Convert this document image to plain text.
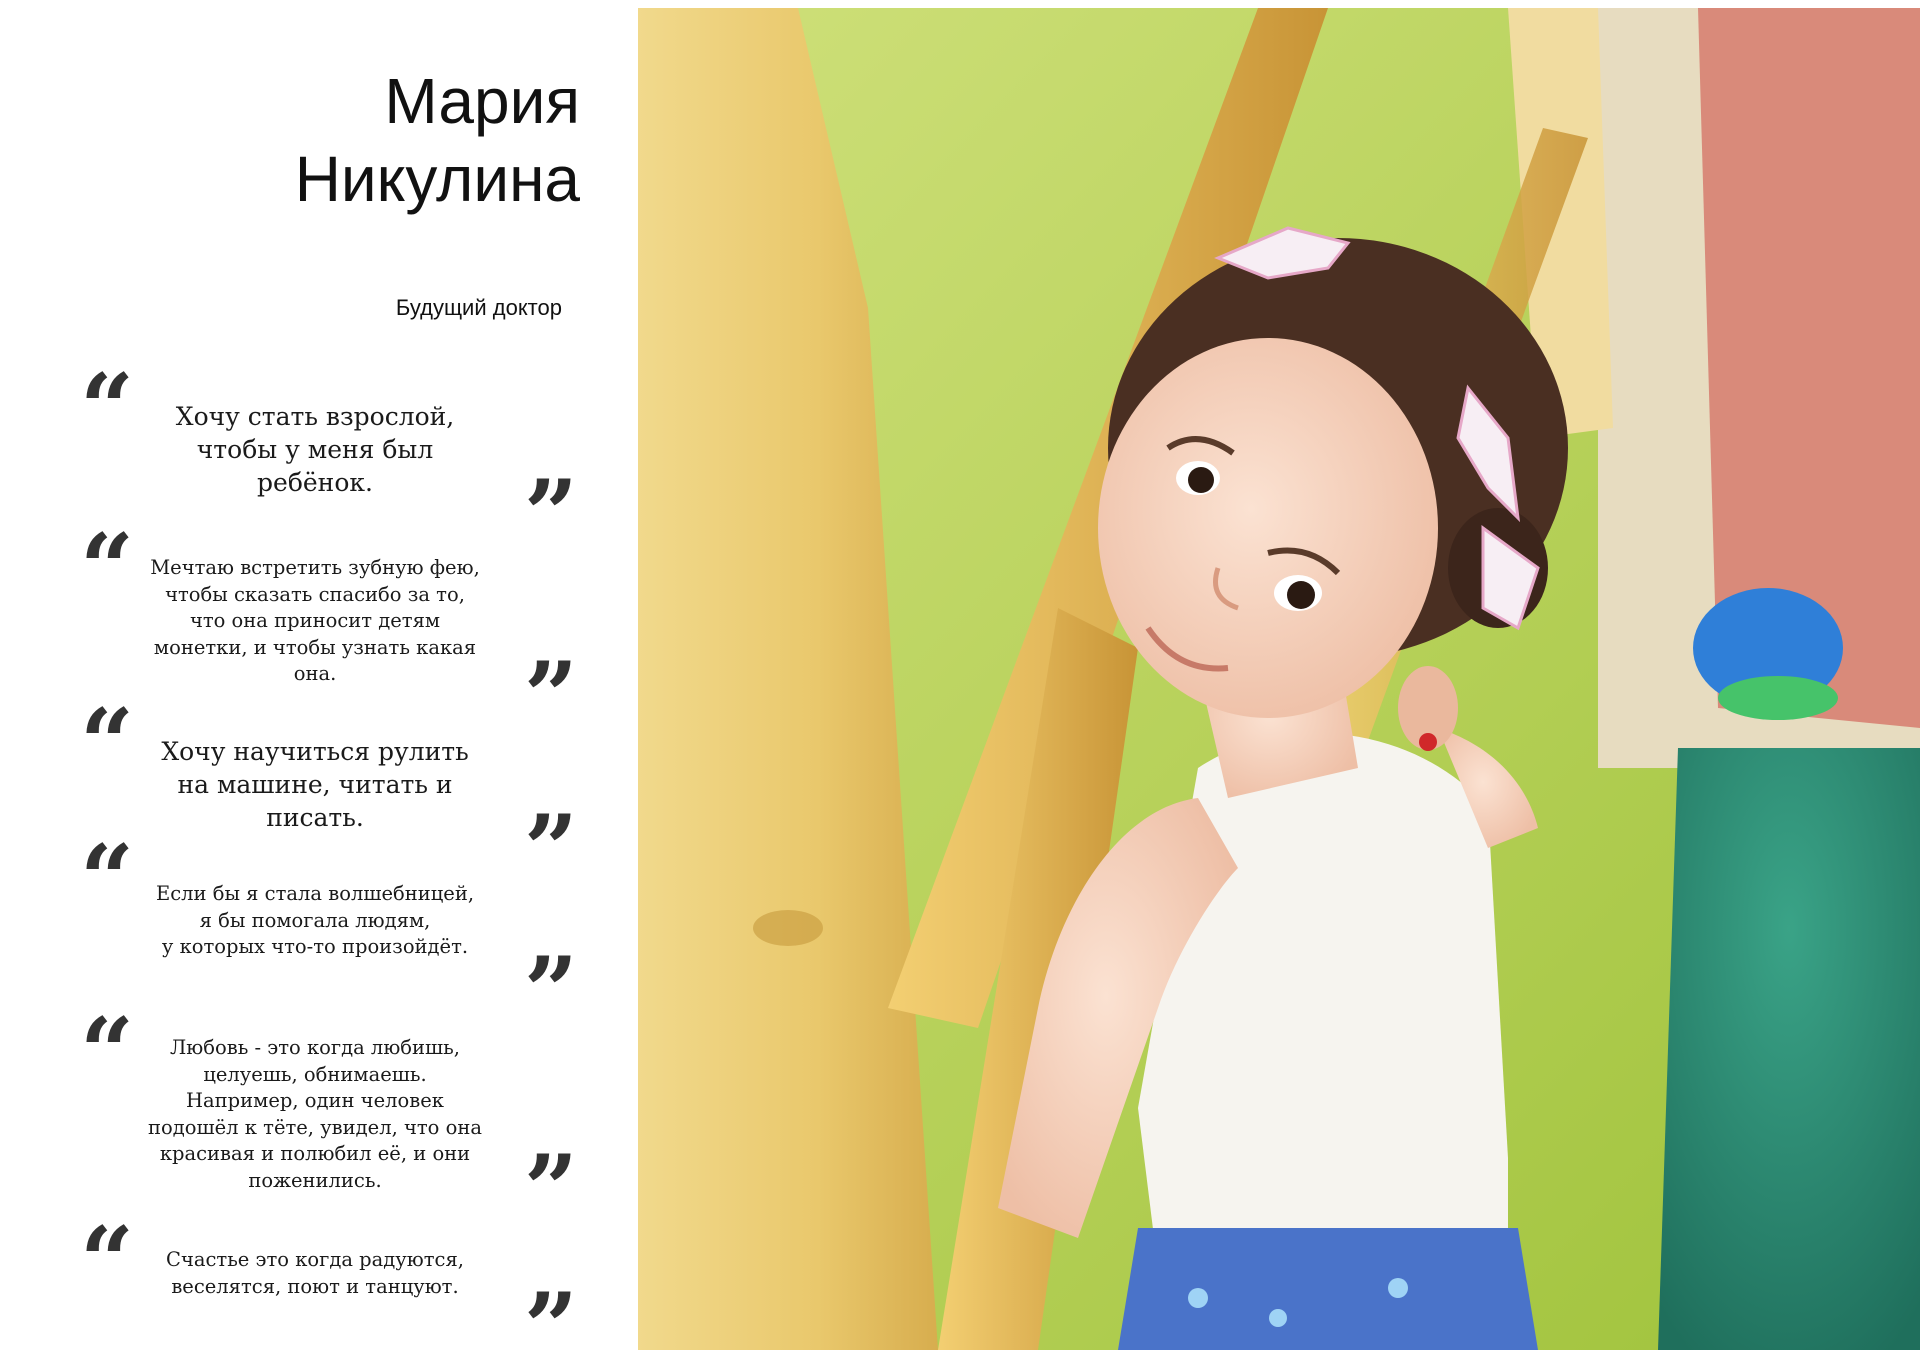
Мария
Никулина
Будущий доктор
“	Хочу стать взрослой,
чтобы у меня был
ребёнок.	”
“ Мечтаю встретить зубную фею,
чтобы сказать спасибо за то,
что она приносит детям
монетки, и чтобы узнать какая
она.	”
“	Хочу научиться рулить
на машине, читать и
писать.	”
“	Если бы я стала волшебницей,
я бы помогала людям,
у которых что-то произойдёт. ”
“	Любовь - это когда любишь,
целуешь, обнимаешь.
Например, один человек
подошёл к тёте, увидел, что она
красивая и полюбил её, и они
поженились.	”
“	Счастье это когда радуются,
веселятся, поют и танцуют. ”
